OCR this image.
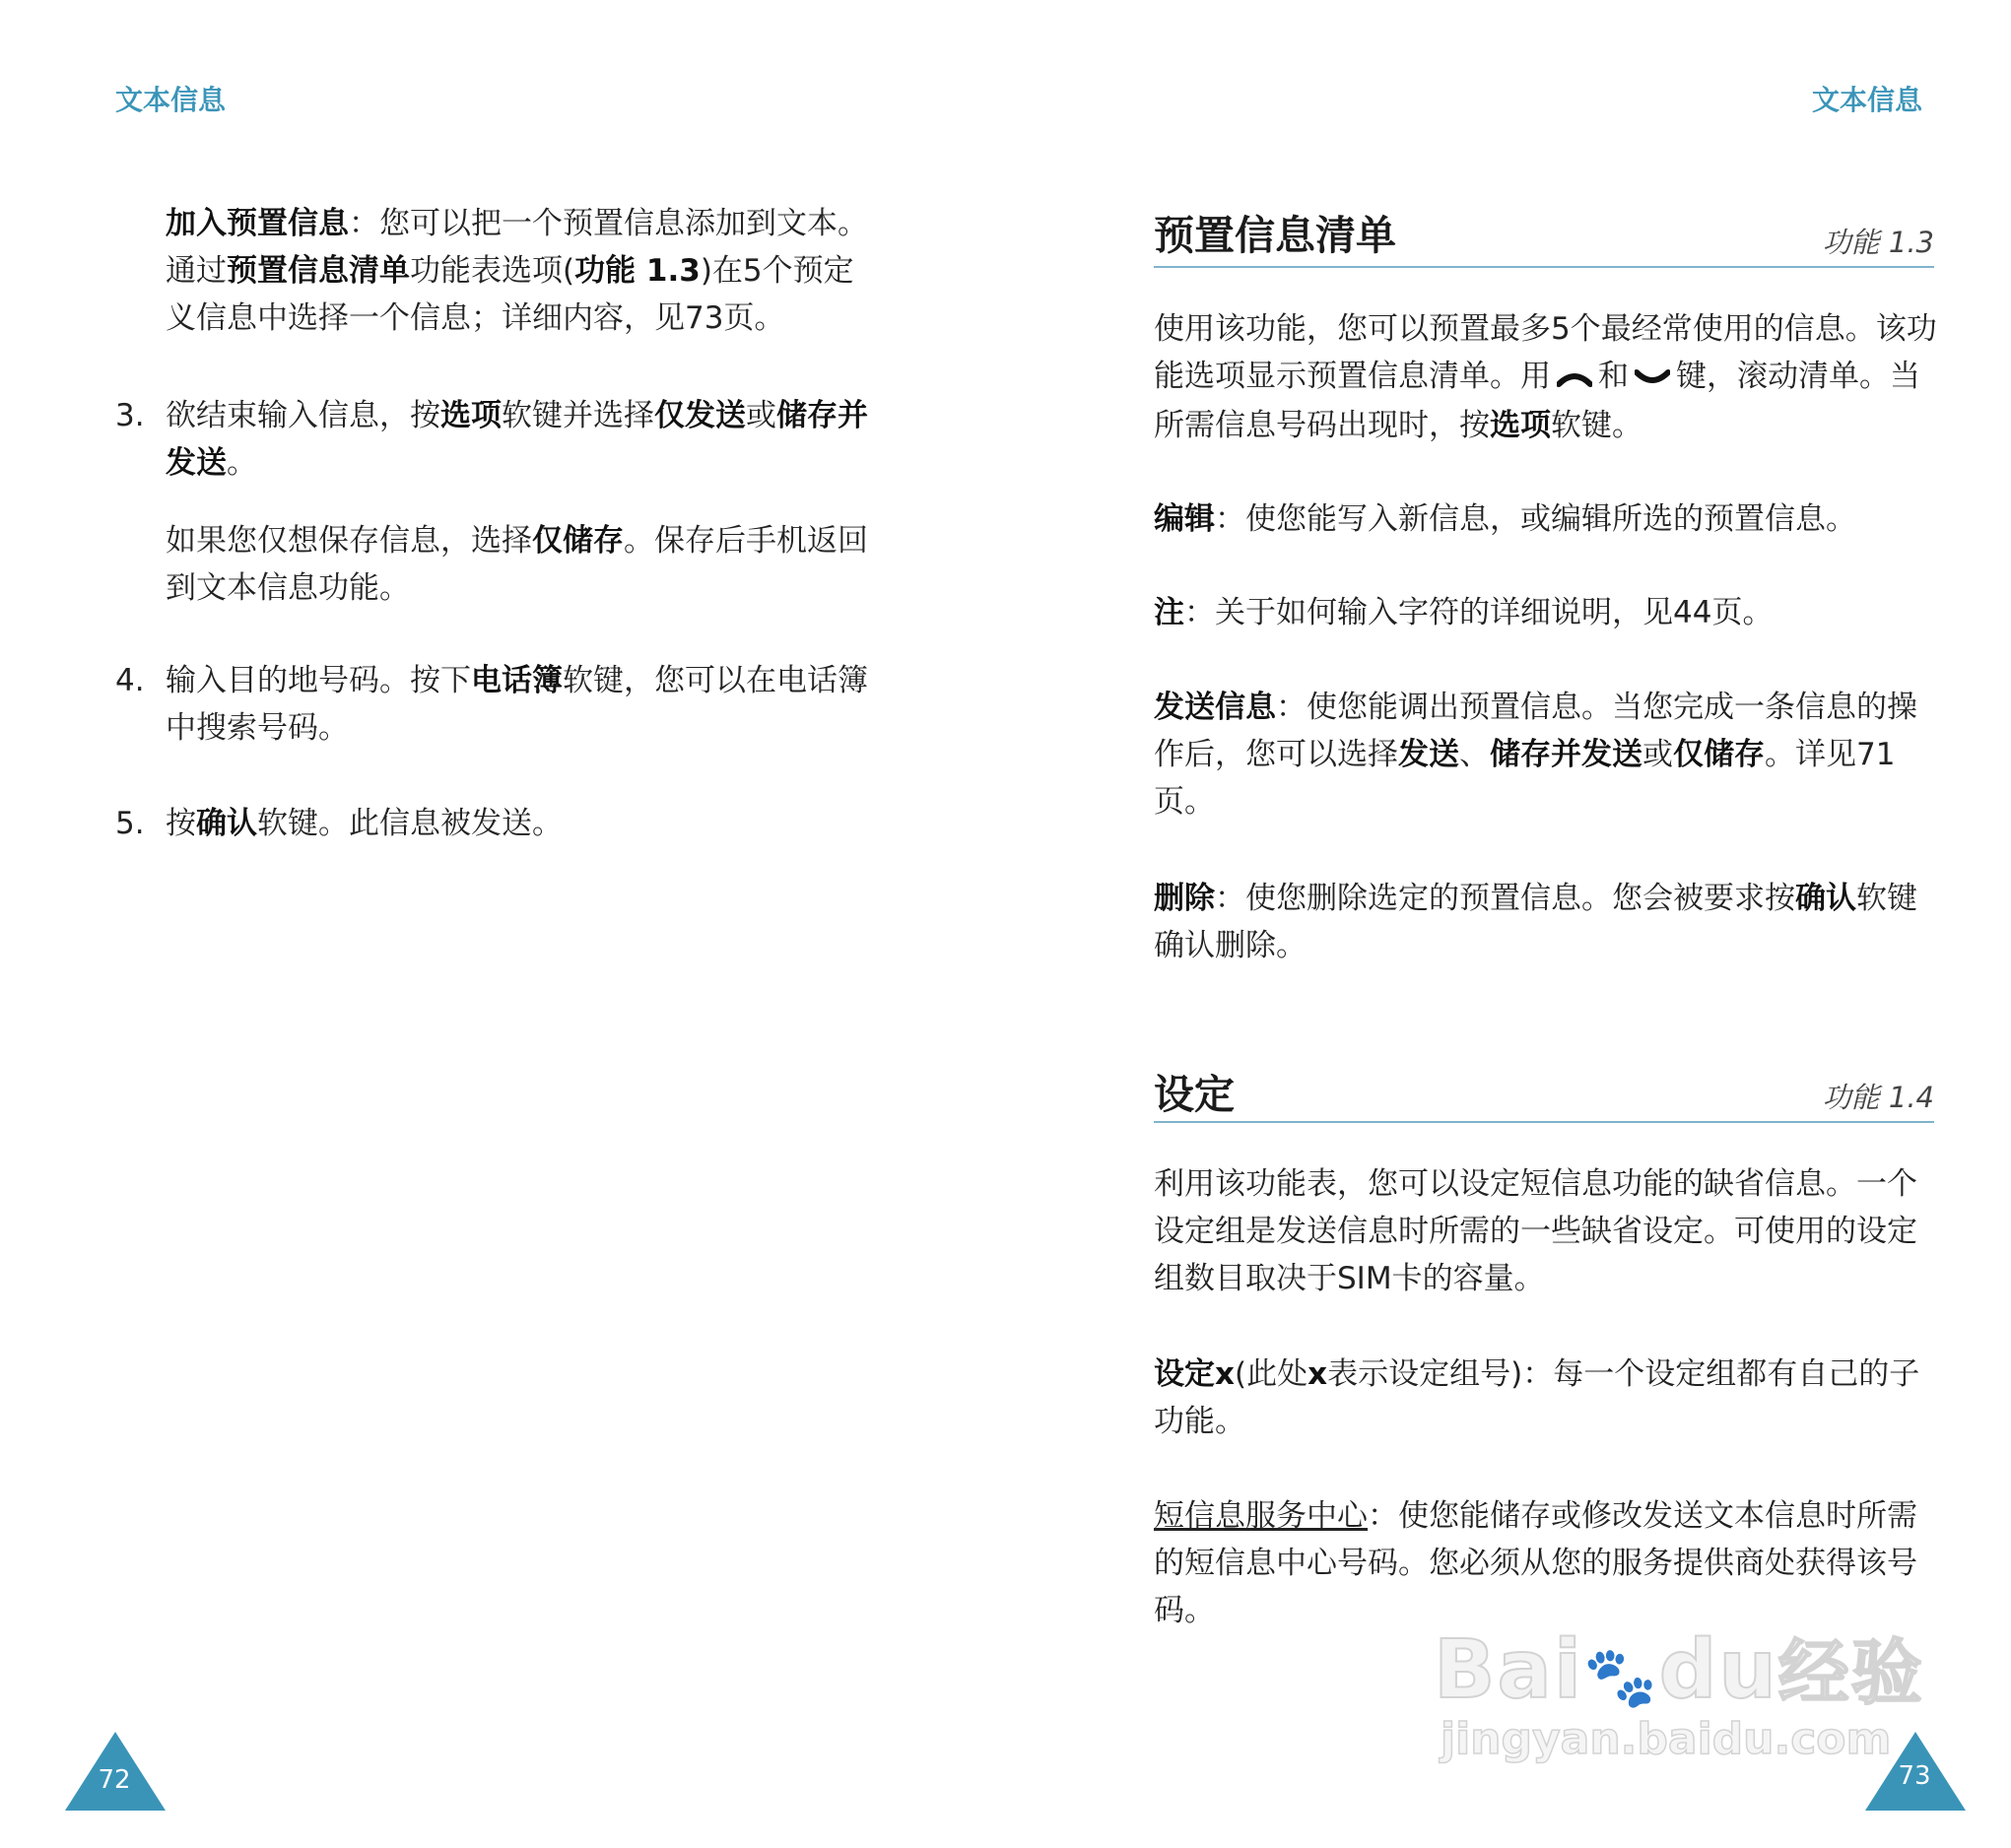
文本信息

加入预置信息：您可以把一个预置信息添加到文本。通过预置信息清单功能表选项(功能 1.3)在5个预定义信息中选择一个信息；详细内容，见73页。

3. 欲结束输入信息，按选项软键并选择仅发送或储存并发送。

如果您仅想保存信息，选择仅储存。保存后手机返回到文本信息功能。

4. 输入目的地号码。按下电话簿软键，您可以在电话簿中搜索号码。

5. 按确认软键。此信息被发送。

72
文本信息
预置信息清单	功能 1.3

使用该功能，您可以预置最多5个最经常使用的信息。该功能选项显示预置信息清单。用 和 键，滚动清单。当所需信息号码出现时，按选项软键。

编辑：使您能写入新信息，或编辑所选的预置信息。

注：关于如何输入字符的详细说明，见44页。

发送信息：使您能调出预置信息。当您完成一条信息的操作后，您可以选择发送、储存并发送或仅储存。详见71页。

删除：使您删除选定的预置信息。您会被要求按确认软键确认删除。

设定	功能 1.4

利用该功能表，您可以设定短信息功能的缺省信息。一个设定组是发送信息时所需的一些缺省设定。可使用的设定组数目取决于SIM卡的容量。

设定x(此处x表示设定组号)：每一个设定组都有自己的子功能。

短信息服务中心：使您能储存或修改发送文本信息时所需的短信息中心号码。您必须从您的服务提供商处获得该号码。

73
Bai🐾du经验
jingyan.baidu.com
